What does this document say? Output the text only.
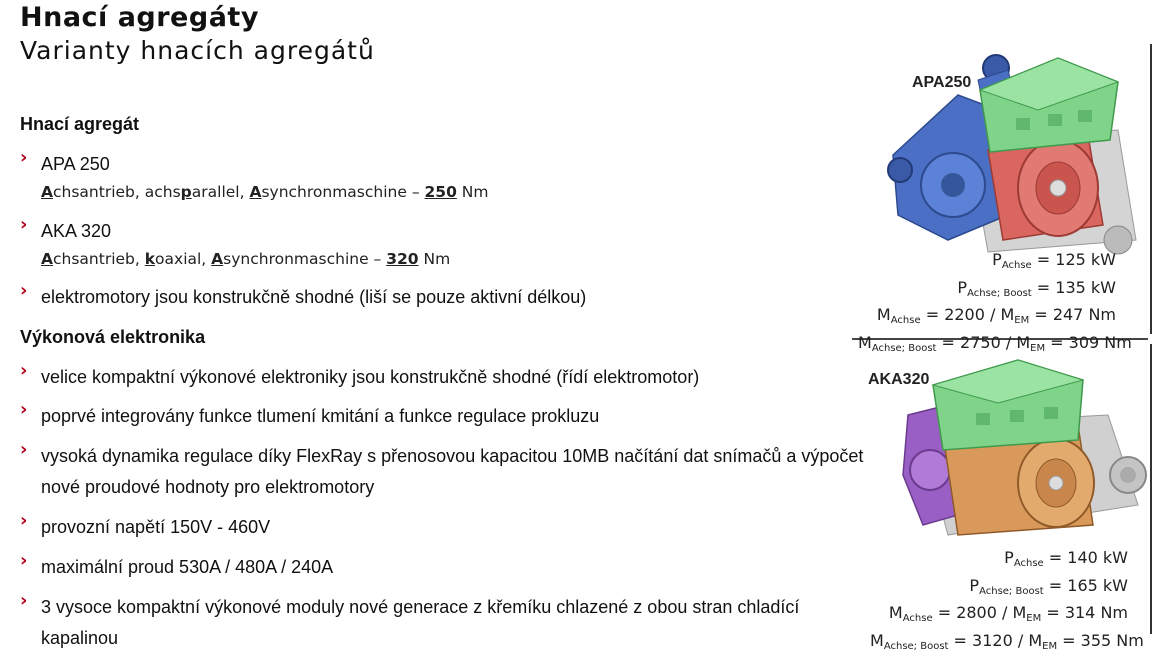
Hnací agregáty
Varianty hnacích agregátů
Hnací agregát
› APA 250
Achsantrieb, achsparallel, Asynchronmaschine – 250 Nm
› AKA 320
Achsantrieb, koaxial, Asynchronmaschine – 320 Nm
› elektromotory jsou konstrukčně shodné (liší se pouze aktivní délkou)
Výkonová elektronika
› velice kompaktní výkonové elektroniky jsou konstrukčně shodné (řídí elektromotor)
› poprvé integrovány funkce tlumení kmitání a funkce regulace prokluzu
› vysoká dynamika regulace díky FlexRay s přenosovou kapacitou 10MB načítání dat snímačů a výpočet
nové proudové hodnoty pro elektromotory
› provozní napětí 150V - 460V
› maximální proud 530A / 480A / 240A
› 3 vysoce kompaktní výkonové moduly nové generace z křemíku chlazené z obou stran chladící kapalinou
APA250
$P_{Achse} = 125$ kW
$P_{Achse; Boost} = 135$ kW
$M_{Achse} = 2200 / M_{EM} = 247$ Nm
$M_{Achse; Boost} = 2750 / M_{EM} = 309$ Nm
AKA320
$P_{Achse} = 140$ kW
$P_{Achse; Boost} = 165$ kW
$M_{Achse} = 2800 / M_{EM} = 314$ Nm
$M_{Achse; Boost} = 3120 / M_{EM} = 355$ Nm
